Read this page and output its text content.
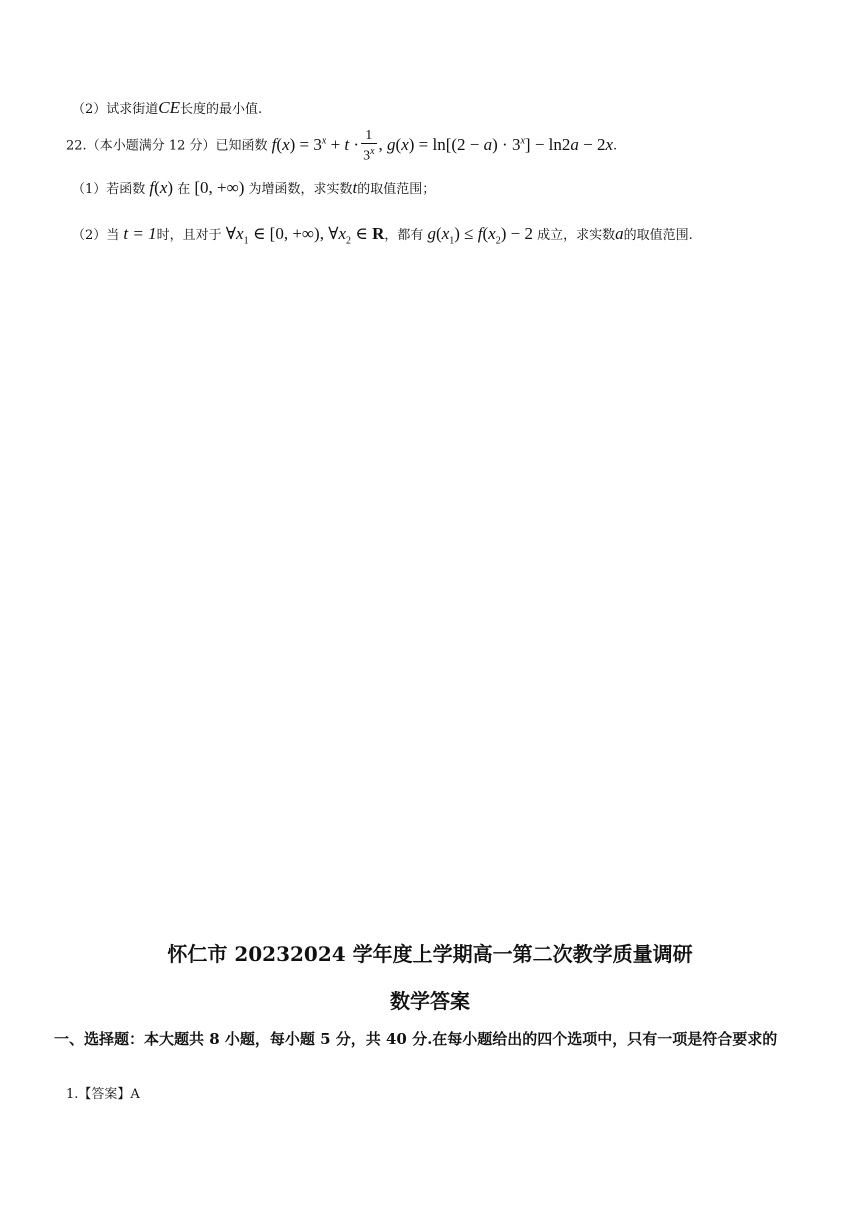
（2）试求街道CE长度的最小值.
22.（本小题满分 12 分）已知函数 $f(x) = 3^x + t \cdot \frac{1}{3^x}$ , $g(x) = \ln[(2 - a) \cdot 3^x] - \ln 2a - 2x$.
（1）若函数 f(x) 在 [0, +∞) 为增函数，求实数t的取值范围；
（2）当 t = 1时，且对于 $\forall x_1$ ∈ [0, +∞), $\forall x_2$ ∈ R，都有 $g(x_1) \le f(x_2) - 2$ 成立，求实数a的取值范围.
怀仁市 20232024 学年度上学期高一第二次教学质量调研
数学答案
一、选择题：本大题共 8 小题，每小题 5 分，共 40 分.在每小题给出的四个选项中，只有一项是符合要求的
1.【答案】A
